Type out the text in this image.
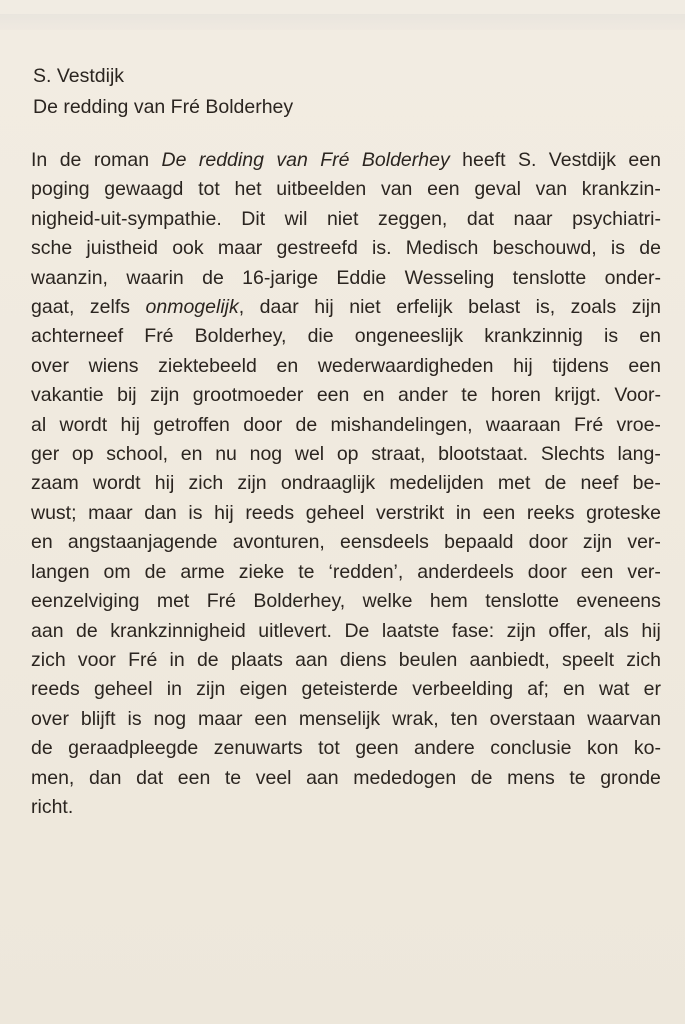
S. Vestdijk
De redding van Fré Bolderhey
In de roman De redding van Fré Bolderhey heeft S. Vestdijk een
poging gewaagd tot het uitbeelden van een geval van krankzin-
nigheid-uit-sympathie. Dit wil niet zeggen, dat naar psychiatri-
sche juistheid ook maar gestreefd is. Medisch beschouwd, is de
waanzin, waarin de 16-jarige Eddie Wesseling tenslotte onder-
gaat, zelfs onmogelijk, daar hij niet erfelijk belast is, zoals zijn
achterneef Fré Bolderhey, die ongeneeslijk krankzinnig is en
over wiens ziektebeeld en wederwaardigheden hij tijdens een
vakantie bij zijn grootmoeder een en ander te horen krijgt. Voor-
al wordt hij getroffen door de mishandelingen, waaraan Fré vroe-
ger op school, en nu nog wel op straat, blootstaat. Slechts lang-
zaam wordt hij zich zijn ondraaglijk medelijden met de neef be-
wust; maar dan is hij reeds geheel verstrikt in een reeks groteske
en angstaanjagende avonturen, eensdeels bepaald door zijn ver-
langen om de arme zieke te ‘redden’, anderdeels door een ver-
eenzelviging met Fré Bolderhey, welke hem tenslotte eveneens
aan de krankzinnigheid uitlevert. De laatste fase: zijn offer, als hij
zich voor Fré in de plaats aan diens beulen aanbiedt, speelt zich
reeds geheel in zijn eigen geteisterde verbeelding af; en wat er
over blijft is nog maar een menselijk wrak, ten overstaan waarvan
de geraadpleegde zenuwarts tot geen andere conclusie kon ko-
men, dan dat een te veel aan mededogen de mens te gronde
richt.
